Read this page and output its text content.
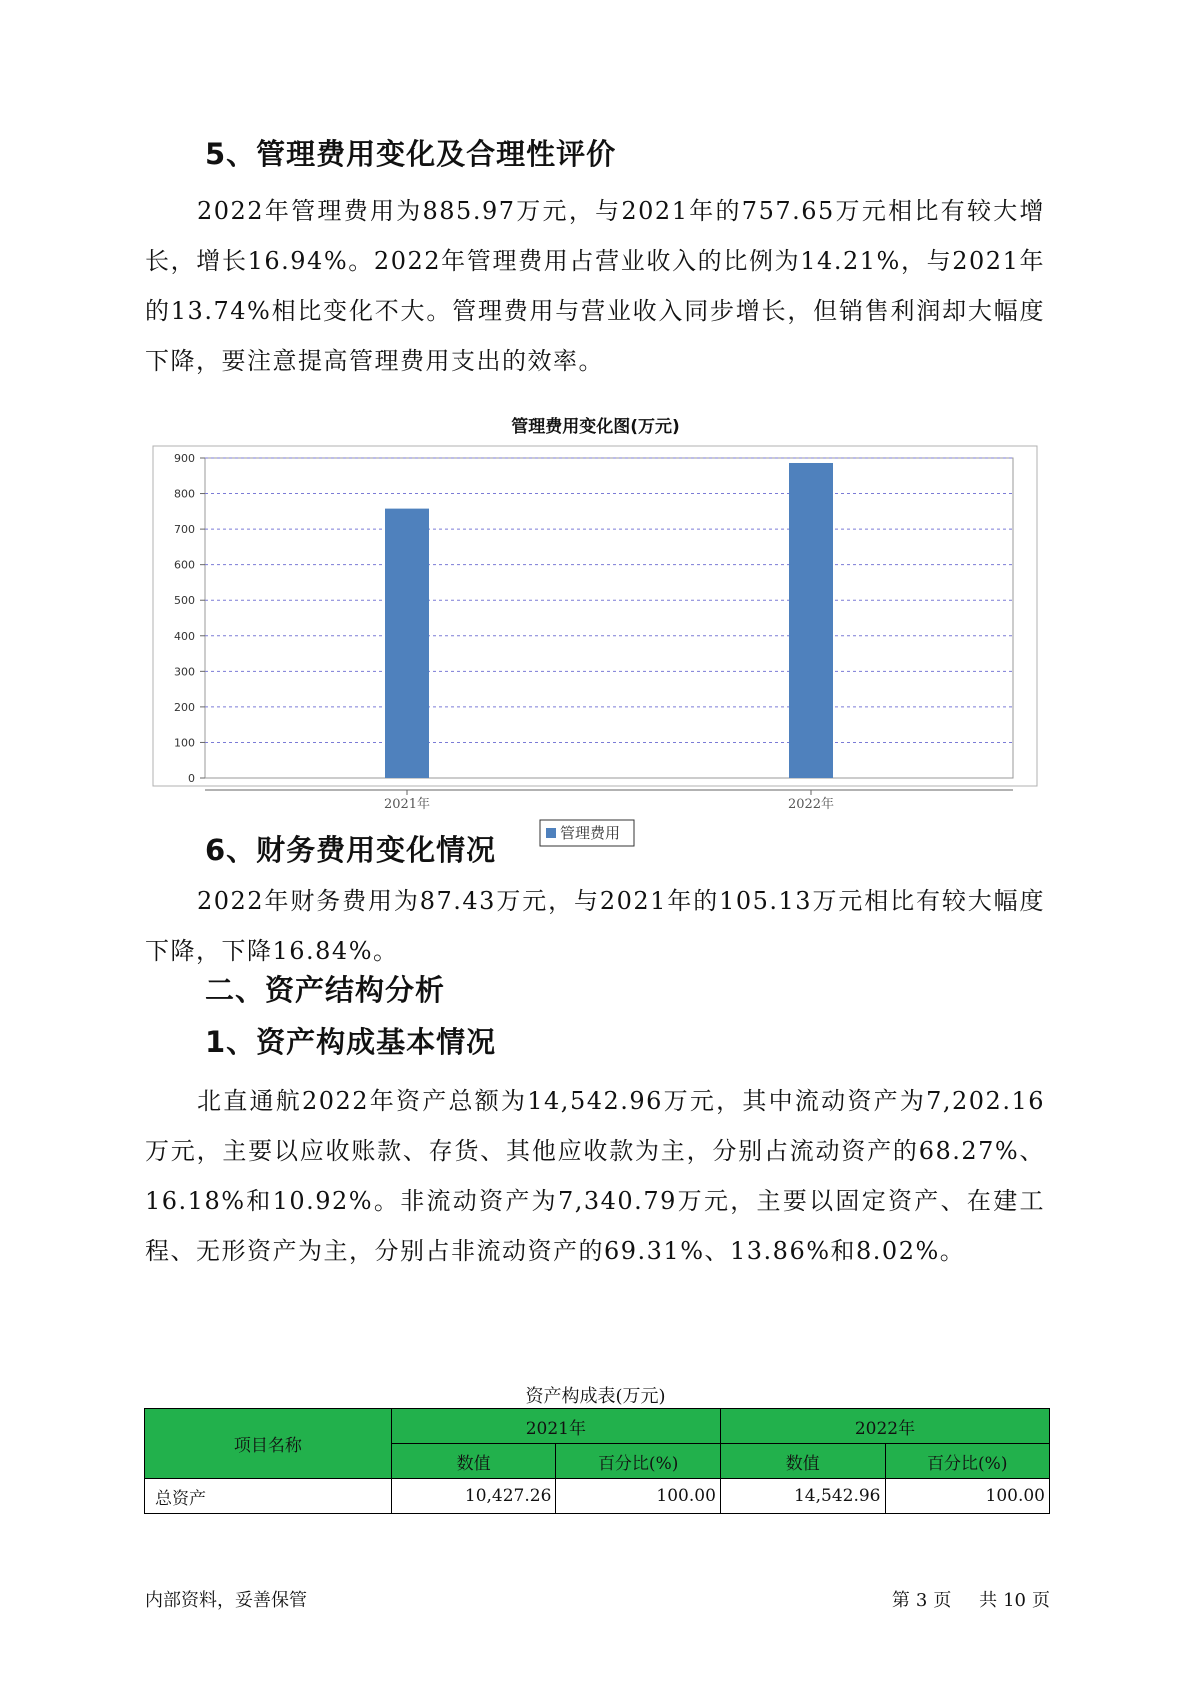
5、管理费用变化及合理性评价

2022年管理费用为885.97万元，与2021年的757.65万元相比有较大增长，增长16.94%。2022年管理费用占营业收入的比例为14.21%，与2021年的13.74%相比变化不大。管理费用与营业收入同步增长，但销售利润却大幅度下降，要注意提高管理费用支出的效率。

管理费用变化图(万元)
0
100
200
300
400
500
600
700
800
900
2021年	2022年
管理费用
6、财务费用变化情况

2022年财务费用为87.43万元，与2021年的105.13万元相比有较大幅度下降，下降16.84%。

二、资产结构分析
1、资产构成基本情况

北直通航2022年资产总额为14,542.96万元，其中流动资产为7,202.16万元，主要以应收账款、存货、其他应收款为主，分别占流动资产的68.27%、16.18%和10.92%。非流动资产为7,340.79万元，主要以固定资产、在建工程、无形资产为主，分别占非流动资产的69.31%、13.86%和8.02%。

资产构成表(万元)
项目名称	2021年		2022年	
	数值	百分比(%)	数值	百分比(%)
总资产	10,427.26	100.00	14,542.96	100.00
内部资料，妥善保管	第 3 页 共 10 页
